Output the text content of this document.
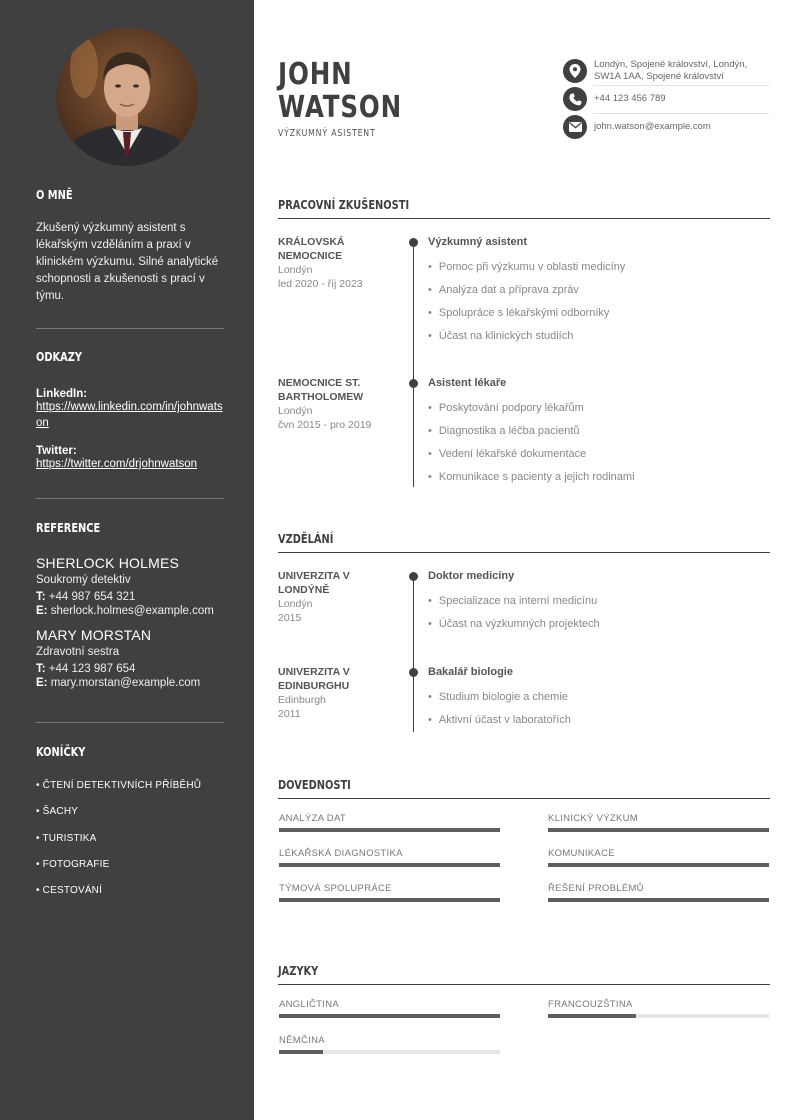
O MNĚ
Zkušený výzkumný asistent s lékařským vzděláním a praxí v klinickém výzkumu. Silné analytické schopnosti a zkušenosti s prací v týmu.
ODKAZY
LinkedIn:
https://www.linkedin.com/in/johnwatson
Twitter:
https://twitter.com/drjohnwatson
REFERENCE
SHERLOCK HOLMES
Soukromý detektiv
T: +44 987 654 321
E: sherlock.holmes@example.com
MARY MORSTAN
Zdravotní sestra
T: +44 123 987 654
E: mary.morstan@example.com
KONÍČKY
• ČTENÍ DETEKTIVNÍCH PŘÍBĚHŮ
• ŠACHY
• TURISTIKA
• FOTOGRAFIE
• CESTOVÁNÍ
JOHN
WATSON
VÝZKUMNÝ ASISTENT
Londýn, Spojené království, Londýn, SW1A 1AA, Spojené království
+44 123 456 789
john.watson@example.com
PRACOVNÍ ZKUŠENOSTI
KRÁLOVSKÁ NEMOCNICE
Londýn
led 2020 - říj 2023
Výzkumný asistent
• Pomoc při výzkumu v oblasti medicíny
• Analýza dat a příprava zpráv
• Spolupráce s lékařskými odborníky
• Účast na klinických studiích
NEMOCNICE ST. BARTHOLOMEW
Londýn
čvn 2015 - pro 2019
Asistent lékaře
• Poskytování podpory lékařům
• Diagnostika a léčba pacientů
• Vedení lékařské dokumentace
• Komunikace s pacienty a jejich rodinami
VZDĚLÁNÍ
UNIVERZITA V LONDÝNĚ
Londýn
2015
Doktor medicíny
• Specializace na interní medicínu
• Účast na výzkumných projektech
UNIVERZITA V EDINBURGHU
Edinburgh
2011
Bakalář biologie
• Studium biologie a chemie
• Aktivní účast v laboratořích
DOVEDNOSTI
ANALÝZA DAT	KLINICKÝ VÝZKUM
LÉKAŘSKÁ DIAGNOSTIKA	KOMUNIKACE
TÝMOVÁ SPOLUPRÁCE	ŘEŠENÍ PROBLÉMŮ
JAZYKY
ANGLIČTINA	FRANCOUZŠTINA
NĚMČINA
